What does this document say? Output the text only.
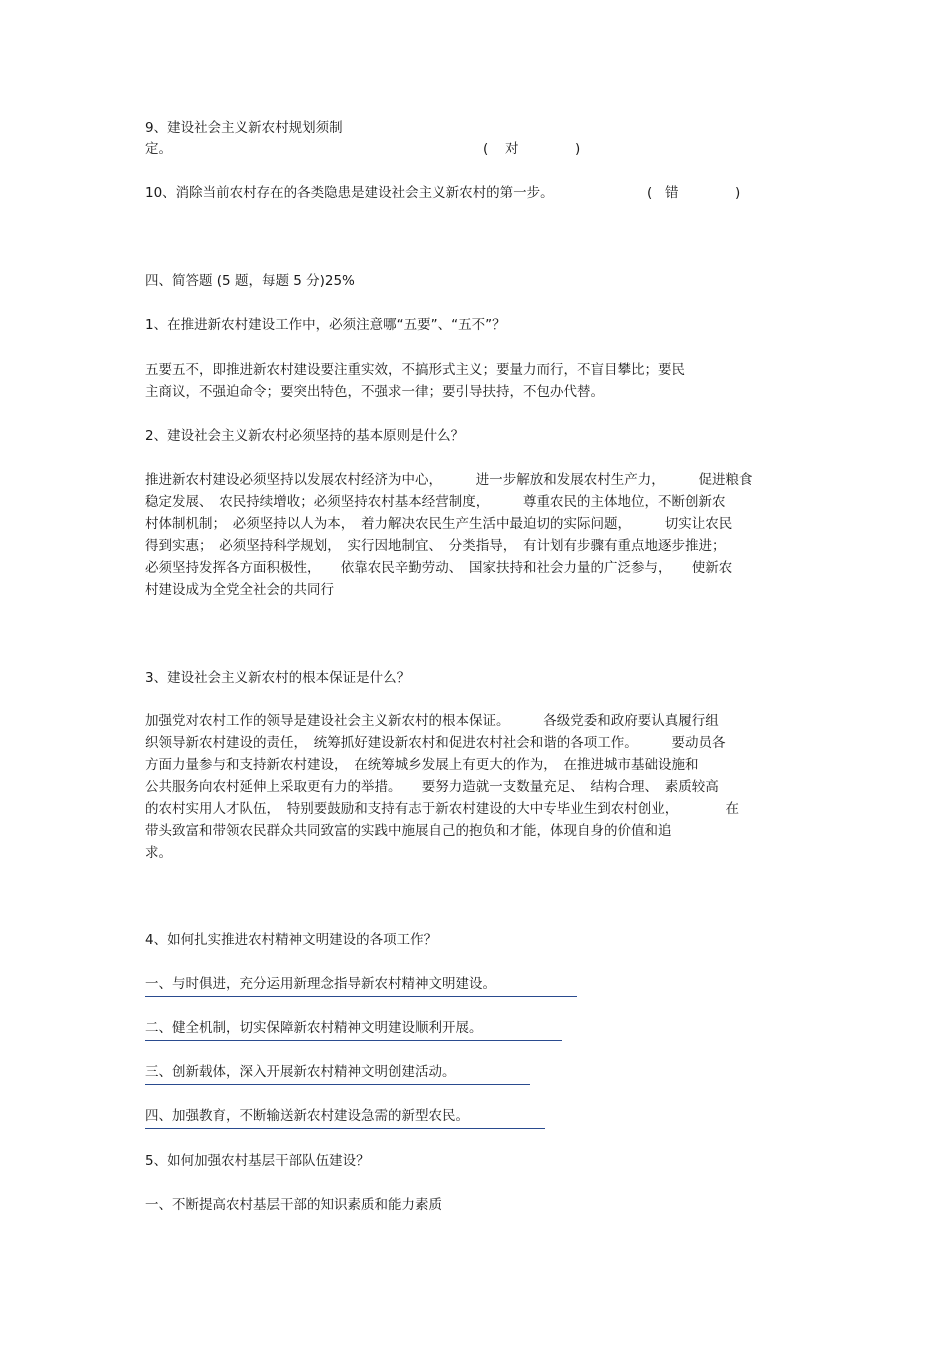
9、建设社会主义新农村规划须制
定。	( 对	)
10、消除当前农村存在的各类隐患是建设社会主义新农村的第一步。	( 错	)
四、简答题 (5 题，每题 5 分)25%
1、在推进新农村建设工作中，必须注意哪“五要”、“五不”？
五要五不，即推进新农村建设要注重实效，不搞形式主义；要量力而行，不盲目攀比；要民
主商议，不强迫命令；要突出特色，不强求一律；要引导扶持，不包办代替。
2、建设社会主义新农村必须坚持的基本原则是什么？
推进新农村建设必须坚持以发展农村经济为中心，　　　进一步解放和发展农村生产力，　　　促进粮食
稳定发展、　农民持续增收；必须坚持农村基本经营制度，　　　尊重农民的主体地位，不断创新农
村体制机制；　必须坚持以人为本，　着力解决农民生产生活中最迫切的实际问题，　　　切实让农民
得到实惠；　必须坚持科学规划，　实行因地制宜、　分类指导，　有计划有步骤有重点地逐步推进；
必须坚持发挥各方面积极性，　　依靠农民辛勤劳动、　国家扶持和社会力量的广泛参与，　　使新农
村建设成为全党全社会的共同行
3、建设社会主义新农村的根本保证是什么？
加强党对农村工作的领导是建设社会主义新农村的根本保证。　　　各级党委和政府要认真履行组
织领导新农村建设的责任，　统筹抓好建设新农村和促进农村社会和谐的各项工作。　　　要动员各
方面力量参与和支持新农村建设，　在统筹城乡发展上有更大的作为，　在推进城市基础设施和
公共服务向农村延伸上采取更有力的举措。　　要努力造就一支数量充足、　结构合理、　素质较高
的农村实用人才队伍，　特别要鼓励和支持有志于新农村建设的大中专毕业生到农村创业，　　　　在
带头致富和带领农民群众共同致富的实践中施展自己的抱负和才能，体现自身的价值和追
求。
4、如何扎实推进农村精神文明建设的各项工作？
一、与时俱进，充分运用新理念指导新农村精神文明建设。
二、健全机制，切实保障新农村精神文明建设顺利开展。
三、创新载体，深入开展新农村精神文明创建活动。
四、加强教育，不断输送新农村建设急需的新型农民。
5、如何加强农村基层干部队伍建设？
一、不断提高农村基层干部的知识素质和能力素质
